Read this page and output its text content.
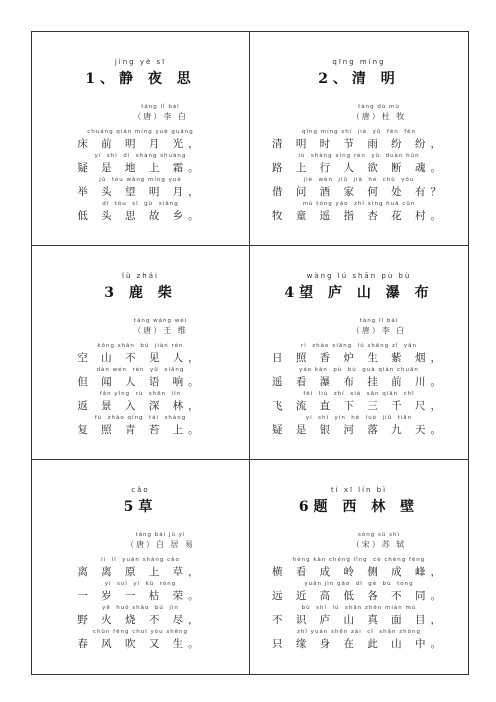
jìng yè sī
1、静 夜 思
táng lǐ bái
（唐）李 白
chuáng qián míng yuè guāng
床 前 明 月 光，
yí  shì  dì  shàng shuāng
疑 是 地 上 霜。
jǔ  tóu wàng míng yuè
举 头 望 明 月，
dī  tóu  sī  gù  xiāng
低 头 思 故 乡。
qīng míng
2、清 明
táng dù mù
（唐）杜 牧
qīng míng shí  jié  yǔ  fēn  fēn
清 明 时 节 雨 纷 纷，
lù  shàng xíng rén  yù  duàn hún
路 上 行 人 欲 断 魂。
jiè  wèn  jiǔ  jiā  hé  chù  yǒu
借 问 酒 家 何 处 有？
mù tóng yáo  zhǐ xìng huā cūn
牧 童 遥 指 杏 花 村。
lù zhái
3 鹿 柴
táng wáng wéi
（唐）王 维
kōng shān  bú  jiàn rén
空 山 不 见 人，
dàn wén  rén  yǔ  xiǎng
但 闻 人 语 响。
fǎn yǐng  rù  shēn  lín
返 景 入 深 林，
fù  zhào qīng  tái  shàng
复 照 青 苔 上。
wàng lú shān pù bù
4望 庐 山 瀑 布
táng lǐ bái
（唐）李 白
rì  zhào xiāng  lú shēng zǐ  yān
日 照 香 炉 生 紫 烟，
yáo kàn  pù  bù  guà qián chuān
遥 看 瀑 布 挂 前 川。
fēi  liú  zhí  xià  sān qiān  chǐ
飞 流 直 下 三 千 尺，
yí  shì  yín  hé  luò  jiǔ  tiān
疑 是 银 河 落 九 天。
cǎo
5草
táng bái jū yì
（唐）白 居 易
lí  lí  yuán shàng cǎo
离 离 原 上 草，
yí  suì  yì  kū  róng
一 岁 一 枯 荣。
yě  huǒ shāo  bú  jìn
野 火 烧 不 尽，
chūn fēng chuī yòu shēng
春 风 吹 又 生。
tí xī lín bì
6题 西 林 壁
sòng sū shì
（宋）苏 轼
héng kàn chéng lǐng  cè chéng fēng
横 看 成 岭 侧 成 峰，
yuǎn jìn gāo  dī  gè  bù  tóng
远 近 高 低 各 不 同。
bù  shí  lú  shān zhēn miàn mù
不 识 庐 山 真 面 目，
zhǐ yuán shēn zài  cǐ  shān zhōng
只 缘 身 在 此 山 中。
